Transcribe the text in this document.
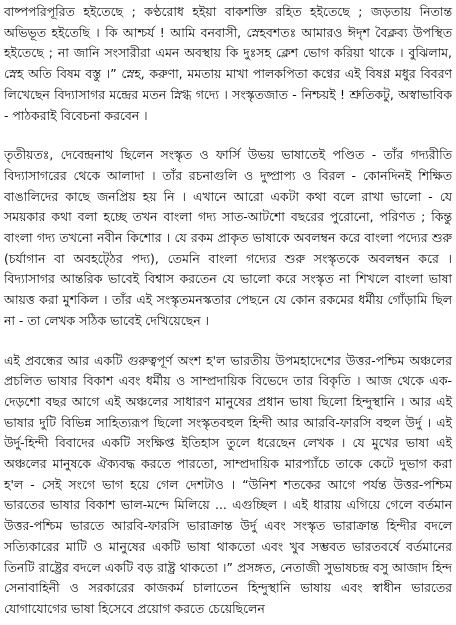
বাষ্পপরিপূরিত হইতেছে ; কণ্ঠরোধ হইয়া বাকশক্তি রহিত হইতেছে ; জড়তায় নিতান্ত অভিভূত হইতেছি । কি আশ্চর্য ! আমি বনবাসী, স্নেহবশতঃ আমারও ঈদৃশ বৈক্লব্য উপস্থিত হইতেছে ; না জানি সংসারীরা এমন অবস্থায় কি দুঃসহ ক্লেশ ভোগ করিয়া থাকে । বুঝিলাম, স্নেহ অতি বিষম বস্তু ।” স্নেহ, করুণা, মমতায় মাখা পালকপিতা কণ্বের এই বিষণ্ণ মধুর বিবরণ লিখেছেন বিদ্যাসাগর মন্দ্রের মতন স্নিগ্ধ গদ্যে । সংস্কৃতজাত - নিশ্চয়ই ! শ্রুতিকটু, অস্বাভাবিক - পাঠকরাই বিবেচনা করবেন ।

তৃতীয়তঃ, দেবেন্দ্রনাথ ছিলেন সংস্কৃত ও ফার্সি উভয় ভাষাতেই পণ্ডিত - তাঁর গদ্যরীতি বিদ্যাসাগরের থেকে আলাদা । তাঁর রচনাগুলি ও দুষ্প্রাপ্য ও বিরল - কোনদিনই শিক্ষিত বাঙালিদের কাছে জনপ্রিয় হয় নি । এখানে আরো একটা কথা বলে রাখা ভালো - যে সময়কার কথা বলা হচ্ছে তখন বাংলা গদ্য সাত-আটশো বছরের পুরোনো, পরিণত ; কিন্তু বাংলা গদ্য তখনো নবীন কিশোর । যে রকম প্রাকৃত ভাষাকে অবলম্বন করে বাংলা পদ্যের শুরু (চর্যাগান বা অবহট্ঠের পদ্য), তেমনি বাংলা গদ্যের শুরু সংস্কৃতকে অবলম্বন করে । বিদ্যাসাগর আন্তরিক ভাবেই বিশ্বাস করতেন যে ভালো করে সংস্কৃত না শিখলে বাংলা ভাষা আয়ত্ত করা মুশকিল । তাঁর এই সংস্কৃতমনস্কতার পেছনে যে কোন রকমের ধর্মীয় গোঁড়ামি ছিল না - তা লেখক সঠিক ভাবেই দেখিয়েছেন ।

এই প্রবন্ধের আর একটি গুরুত্বপূর্ণ অংশ হ'ল ভারতীয় উপমহাদেশের উত্তর-পশ্চিম অঞ্চলের প্রচলিত ভাষার বিকাশ এবং ধর্মীয় ও সাম্প্রদায়িক বিভেদে তার বিকৃতি । আজ থেকে এক-দেড়শো বছর আগে এই অঞ্চলের সাধারণ মানুষের প্রধান ভাষা ছিলো হিন্দুস্থানি । আর এই ভাষার দুটি বিভিন্ন সাহিত্যরূপ ছিলো সংস্কৃতবহুল হিন্দী আর আরবি-ফারসি বহুল উর্দু । এই উর্দু-হিন্দী বিবাদের একটি সংক্ষিপ্ত ইতিহাস তুলে ধরেছেন লেখক । যে মুখের ভাষা এই অঞ্চলের মানুষকে ঐক্যবদ্ধ করতে পারতো, সাম্প্রদায়িক মারপ্যাঁচে তাকে কেটে দুভাগ করা হ'ল - সেই সংগে ভাগ হয়ে গেল দেশটাও । “উনিশ শতকের আগে পর্যন্ত উত্তর-পশ্চিম ভারতের ভাষার বিকাশ ভাল-মন্দে মিলিয়ে ... এগুচ্ছিল । এই ধারায় এগিয়ে গেলে বর্তমান উত্তর-পশ্চিম ভারতে আরবি-ফারসি ভারাক্রান্ত উর্দু এবং সংস্কৃত ভারাক্রান্ত হিন্দীর বদলে সত্যিকারের মাটি ও মানুষের একটি ভাষা থাকতো এবং খুব সম্ভবত ভারতবর্ষে বর্তমানের তিনটি রাষ্ট্রের বদলে একটি বড় রাষ্ট্র থাকতো ।” প্রসঙ্গত, নেতাজী সুভাষচন্দ্র বসু আজাদ হিন্দ সেনাবাহিনী ও সরকারের কাজকর্ম চালাতেন হিন্দুস্থানি ভাষায় এবং স্বাধীন ভারতের যোগাযোগের ভাষা হিসেবে প্রয়োগ করতে চেয়েছিলেন
